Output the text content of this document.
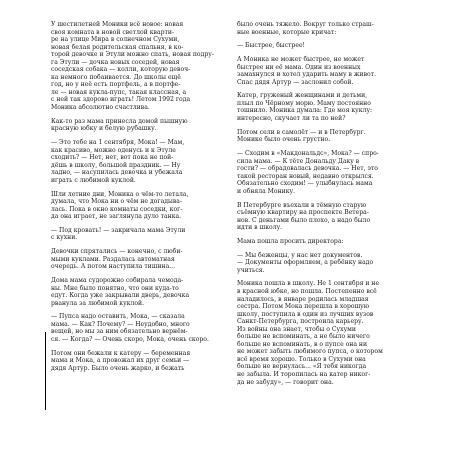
У шестилетней Моники всё новое: новая
своя комната в новой светлой кварти-
ре на улице Мира в солнечном Сухуми,
новая белая родительская спальня, в ко-
торой девочке и Этули можно спать, новая подру-
га Этули — дочка новых соседей, новая
соседская собака — колли, которую девоч-
ка немного побаивается. До школы ещё
год, но у неё есть портфель, а в портфе-
ле — новая кукла-пупс, такая классная, а
с ней так здорово играть! Летом 1992 года
Моника абсолютно счастлива.
Как-то раз мама принесла домой пышную
красную юбку и белую рубашку.
— Это тебе на 1 сентября, Мока! — Мам,
как красиво, можно оденусь и к Этуле
сходить? — Нет, нет, вот пока не пой-
дёшь в школу, большой праздник. — Ну
ладно, — насупилась девочка и убежала
играть с любимой куклой.
Шли летние дни, Моника о чём-то летала,
думала, что Мока ни о чём не догадыва-
лась. Пока в окно комнаты соседки, ког-
да она играет, не заглянула дуло танка.
— Под кровать! — закричала мама Этули
с кухни.
Девочки спрятались — конечно, с люби-
мыми куклами. Раздалась автоматная
очередь. А потом наступила тишина...
Дома мама судорожно собирала чемода-
ны. Мне было понятно, что они куда-то
едут. Когда уже закрывали дверь, девочка
рванула за любимой куклой.
— Пупса надо оставить, Мока, — сказала
мама. — Как? Почему? — Неудобно, много
вещей, но мы за ним обязательно вернём-
ся. — Когда? — Очень скоро, Мока, очень скоро.
Потом они бежали к катеру — беременная
мама и Мока, а провожал их друг семьи —
дядя Артур. Было очень жарко, и бежать
было очень тяжело. Вокруг только страш-
ные военные, которые кричат:
— Быстрее, быстрее!
А Моника не может быстрее, не может
быстрее ни её мама. Один из военных
замахнулся и хотел ударить маму в живот.
Спас дядя Артур — заслонил собой.
Катер, груженый женщинами и детьми,
плыл по Чёрному морю. Маму постоянно
тошнило. Моника думала: Где моя куклу:
интересно, скучает ли та по ней?
Потом сели в самолёт — и в Петербург.
Монике было очень грустно.
— Сходим в «Макдональдс», Мока? — спро-
сила мама. — К тёте Дональду Даку в
гости? — обрадовалась девочка. — Нет, это
такой ресторан новый, недавно открылся.
Обязательно сходим! — улыбнулась мама
и обняла Монику.
В Петербурге въехали в тёмную старую
съёмную квартиру на проспекте Ветера-
нов. С деньгами было плохо, а надо было
идти в школу.
Мама пошла просить директора:
— Мы беженцы, у нас нет документов.
— Документы оформляем, а ребёнку надо
учиться.
Моника пошла в школу. Не 1 сентября и не
в красной юбке, но пошла. Постепенно всё
наладилось, в январе родилась младшая
сестра. Потом Мока перешла в хорошую
школу, поступила в один из лучших вузов
Санкт-Петербурга, построила карьеру.
Из войны она знает, чтобы о Сухуми
больше не вспоминать, а не было ничего
больше не вспоминать, в о пупсе она ни
не может забыть любимого пупса, о котором
всё время хорошо. Только в Сухуми она
больше не вернулась... «Я тебя никогда
не забыла. И торопилась на катер никог-
да не забуду», — говорит она.
